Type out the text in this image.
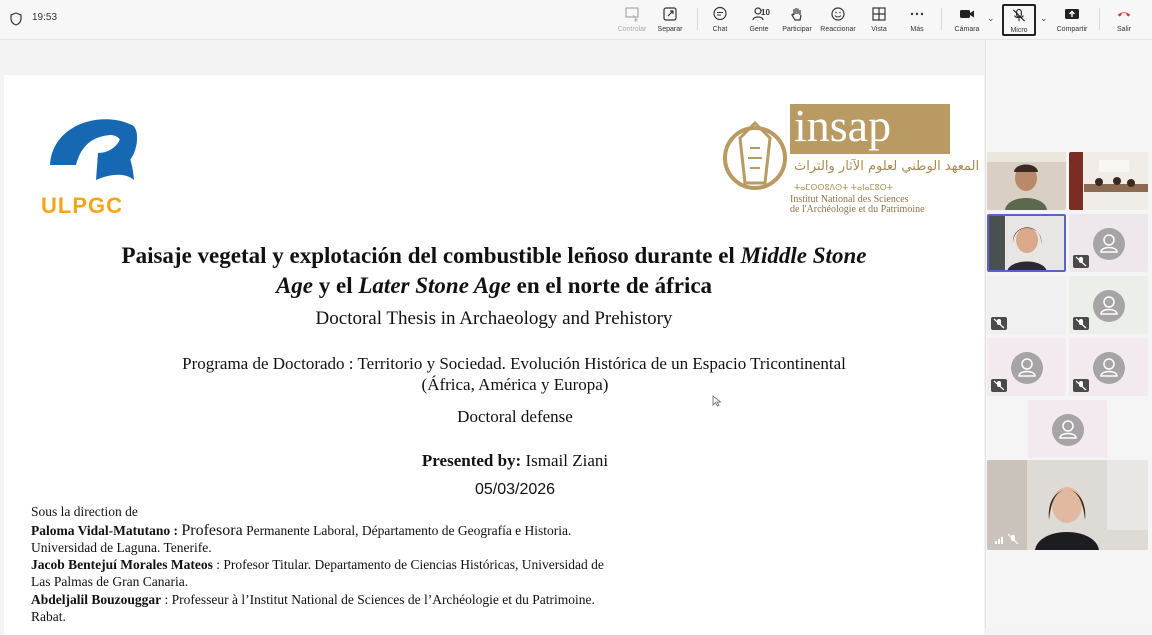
19:53
Controlar Separar	Chat
10
Gente Participar Reaccionar Vista	Más	Cámara
⌄
Micro
⌄
Compartir	Salir
ULPGC
insap
المعهد الوطني لعلوم الآثار والتراث
ⵜⴰⵎⵙⵙⵓⴷⵙⵜ ⵜⴰⵏⴰⵎⵓⵔⵜ
Institut National des Sciences
de l'Archéologie et du Patrimoine
Paisaje vegetal y explotación del combustible leñoso durante el Middle Stone
Age y el Later Stone Age en el norte de áfrica
Doctoral Thesis in Archaeology and Prehistory
Programa de Doctorado : Territorio y Sociedad. Evolución Histórica de un Espacio Tricontinental
(África, América y Europa)
Doctoral defense
Presented by: Ismail Ziani
05/03/2026
Sous la direction de
Paloma Vidal-Matutano : Profesora Permanente Laboral, Départamento de Geografía e Historia.
Universidad de Laguna. Tenerife.
Jacob Bentejuí Morales Mateos : Profesor Titular. Departamento de Ciencias Históricas, Universidad de
Las Palmas de Gran Canaria.
Abdeljalil Bouzouggar : Professeur à l’Institut National de Sciences de l’Archéologie et du Patrimoine.
Rabat.
